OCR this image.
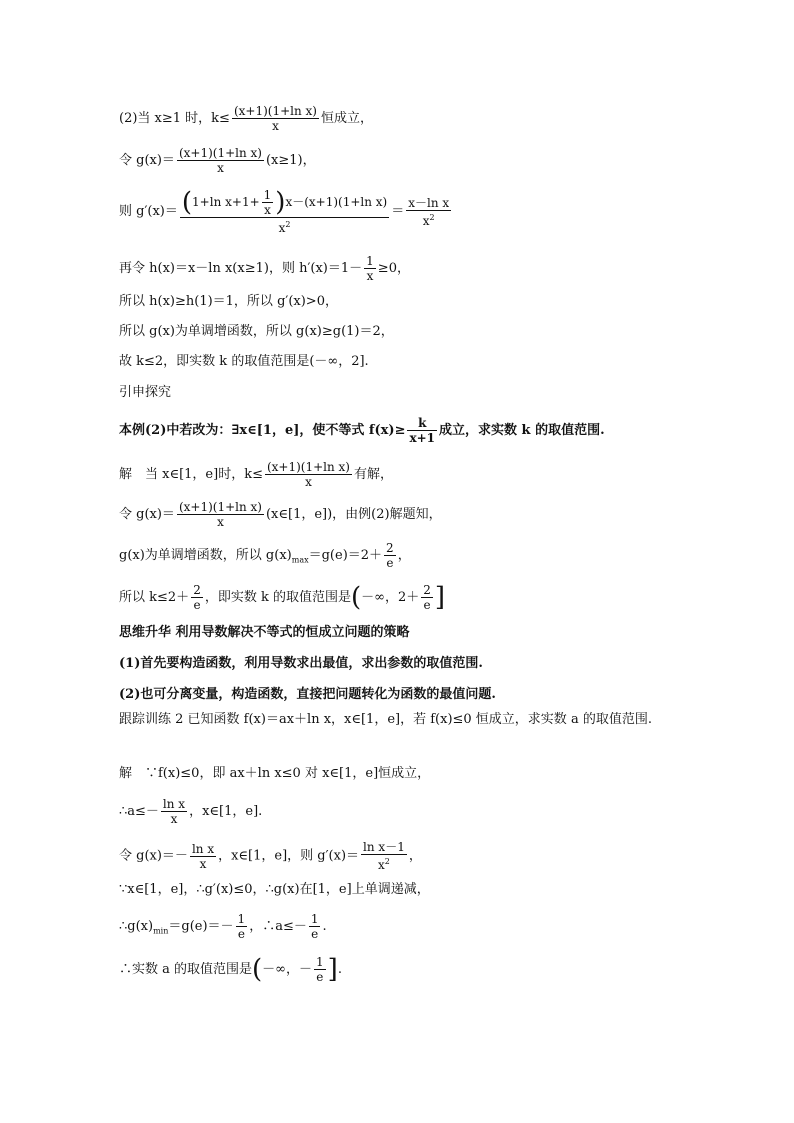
(2)当 x≥1 时，$k\le \frac{\text{(x+1)(1+ln x)}}{x}$ 恒成立，
令 $g(x)= \frac{\text{(x+1)(1+ln x)}}{x} (x\ge 1)$，
则 $g'(x)= \frac{(1+\ln x+1+ \frac{1}{x} )x-(x+1)(1+\ln x)}{x^2} = \frac{\text{x－ln x}}{x^2}$
再令 h(x)＝x－ln x(x≥1)，则 $h'(x)=1- \frac{1}{x} \ge 0$，
所以 h(x)≥h(1)＝1，所以 g′(x)>0，
所以 g(x)为单调增函数，所以 g(x)≥g(1)＝2，
故 k≤2，即实数 k 的取值范围是(－∞，2].
引申探究
本例(2)中若改为：∃x∈[1，e]，使不等式 $f(x)\ge \frac{k}{x+1}$ 成立，求实数 k 的取值范围.
解　当 x∈[1，e]时，$k\le \frac{\text{(x+1)(1+ln x)}}{x}$ 有解，
令 $g(x)= \frac{\text{(x+1)(1+ln x)}}{x}$ (x∈[1，e])，由例(2)解题知，
g(x)为单调增函数，所以 $g(x)_{max}=g(e)=2+ \frac{2}{e}$ ，
所以 $k\le 2+ \frac{2}{e}$ ，即实数 k 的取值范围是(－∞，$2+ \frac{2}{e}$ ]
思维升华 利用导数解决不等式的恒成立问题的策略
(1)首先要构造函数，利用导数求出最值，求出参数的取值范围.
(2)也可分离变量，构造函数，直接把问题转化为函数的最值问题.
跟踪训练 2 已知函数 f(x)＝ax＋ln x，x∈[1，e]，若 f(x)≤0 恒成立，求实数 a 的取值范围.
解　∵f(x)≤0，即 ax＋ln x≤0 对 x∈[1，e]恒成立，
∴a≤－ $\frac{\text{ln x}}{x}$ ，x∈[1，e].
令 $g(x)=- \frac{\text{ln x}}{x}$ ，x∈[1，e]，则 $g'(x)= \frac{\text{ln x－1}}{x^2}$ ，
∵x∈[1，e]，∴g′(x)≤0，∴g(x)在[1，e]上单调递减，
$\therefore g(x)_{min}=g(e)=- \frac{1}{e}$ ，∴a≤－ $\frac{1}{e}$ .
∴实数 a 的取值范围是(－∞，－ $\frac{1}{e}$ ].
